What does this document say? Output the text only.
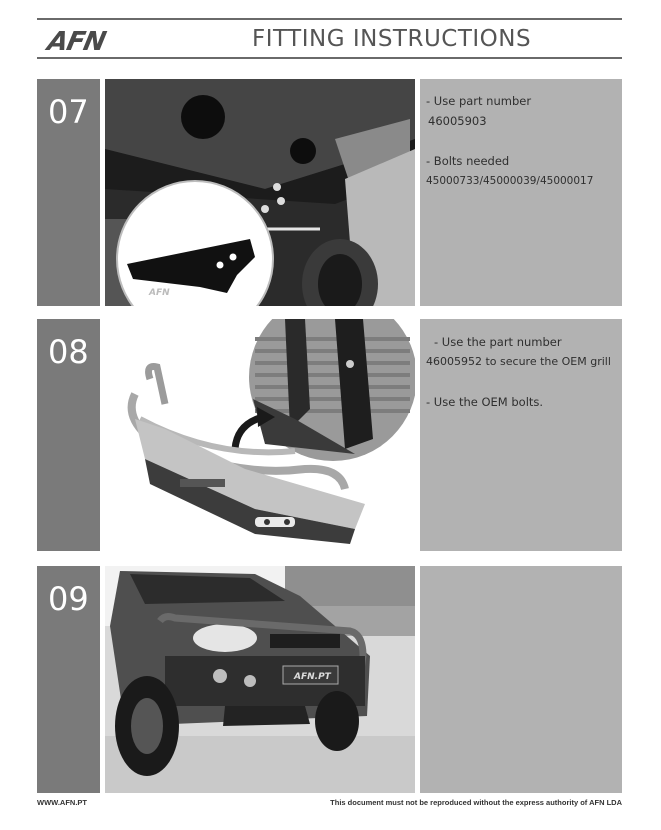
AFN	FITTING INSTRUCTIONS
07
AFN

- Use part number

46005903

- Bolts needed

45000733/45000039/45000017

08	- Use the part number

46005952 to secure the OEM grill

- Use the OEM bolts.

09
AFN.PT
WWW.AFN.PT	This document must not be reproduced without the express authority of AFN LDA
